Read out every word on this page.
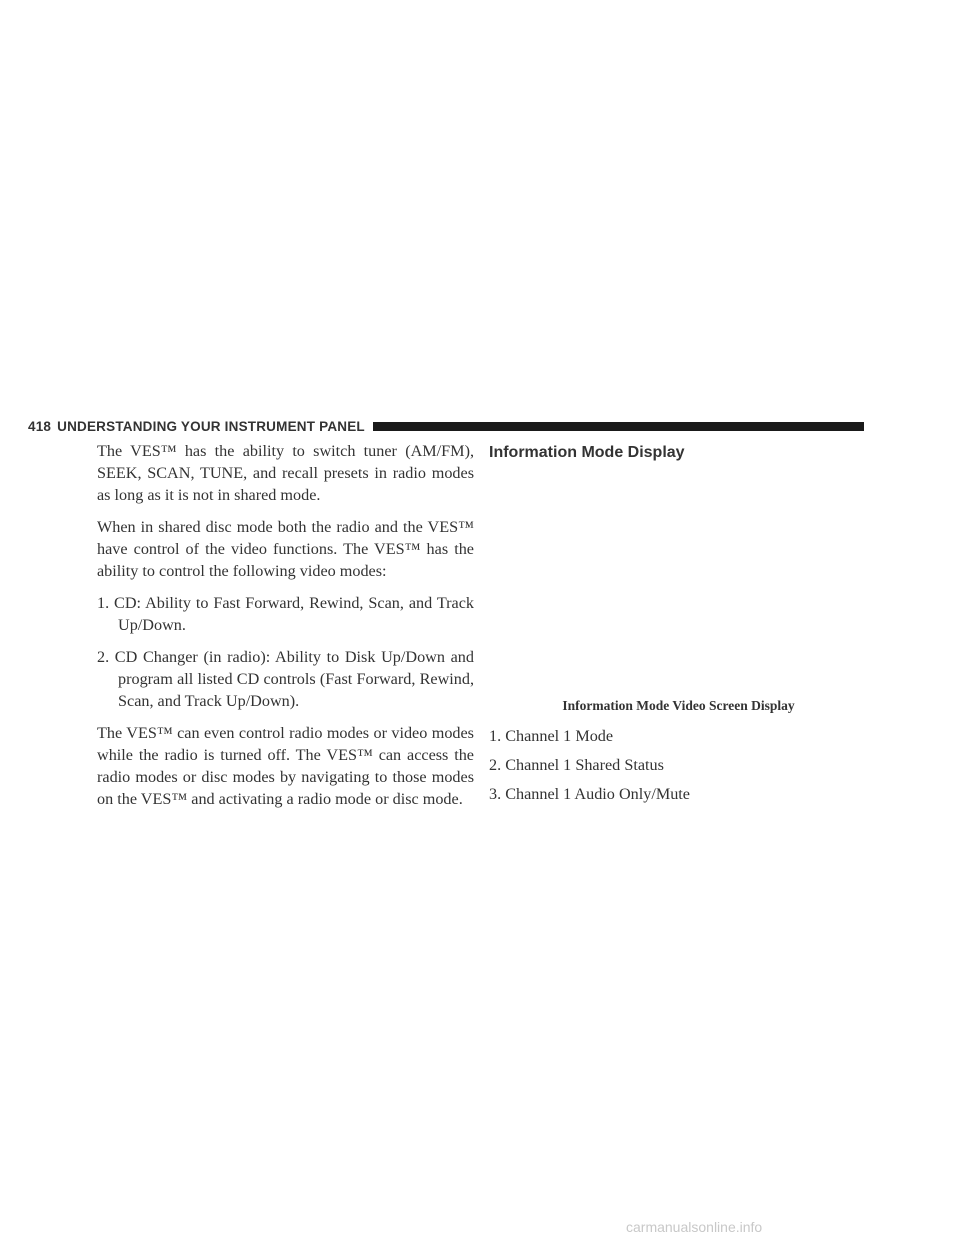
418 UNDERSTANDING YOUR INSTRUMENT PANEL

The VES™ has the ability to switch tuner (AM/FM), SEEK, SCAN, TUNE, and recall presets in radio modes as long as it is not in shared mode.

When in shared disc mode both the radio and the VES™ have control of the video functions. The VES™ has the ability to control the following video modes:

1. CD: Ability to Fast Forward, Rewind, Scan, and Track Up/Down.

2. CD Changer (in radio): Ability to Disk Up/Down and program all listed CD controls (Fast Forward, Rewind, Scan, and Track Up/Down).

The VES™ can even control radio modes or video modes while the radio is turned off. The VES™ can access the radio modes or disc modes by navigating to those modes on the VES™ and activating a radio mode or disc mode.

Information Mode Display
Information Mode Video Screen Display
1. Channel 1 Mode
2. Channel 1 Shared Status
3. Channel 1 Audio Only/Mute
carmanualsonline.info
